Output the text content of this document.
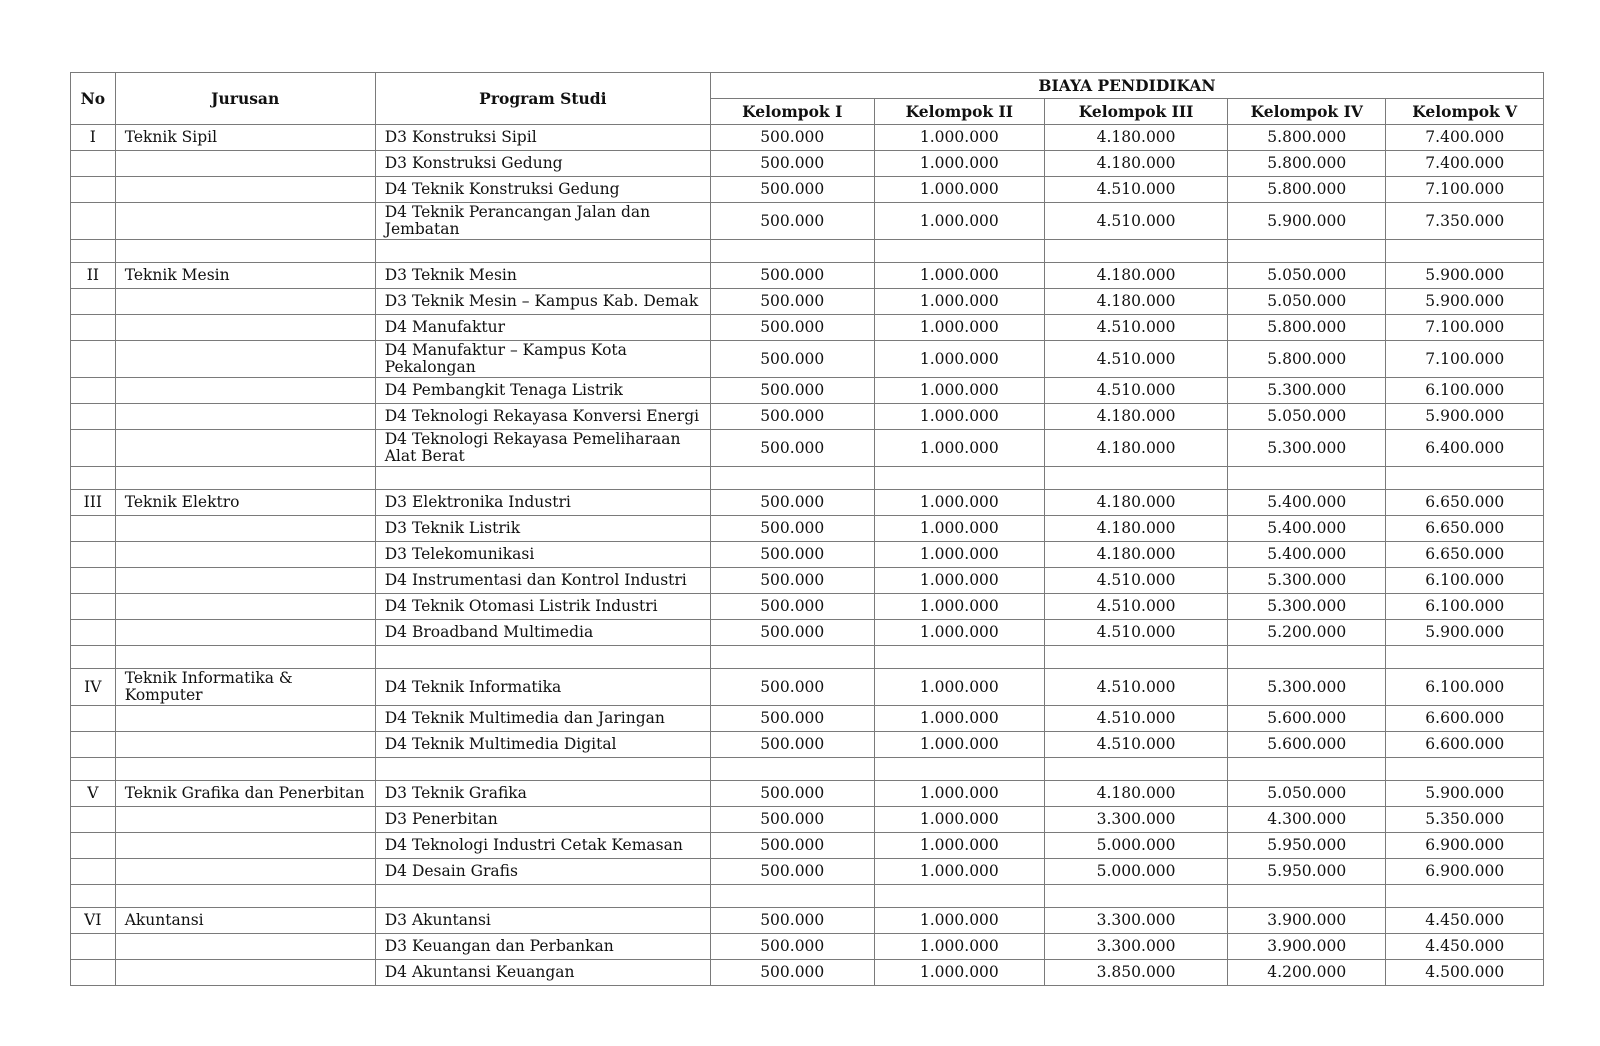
No	Jurusan	Program Studi	BIAYA PENDIDIKAN				
			Kelompok I	Kelompok II	Kelompok III	Kelompok IV	Kelompok V
I	Teknik Sipil	D3 Konstruksi Sipil	500.000	1.000.000	4.180.000	5.800.000	7.400.000
		D3 Konstruksi Gedung	500.000	1.000.000	4.180.000	5.800.000	7.400.000
		D4 Teknik Konstruksi Gedung	500.000	1.000.000	4.510.000	5.800.000	7.100.000
		D4 Teknik Perancangan Jalan dan Jembatan	500.000	1.000.000	4.510.000	5.900.000	7.350.000

II	Teknik Mesin	D3 Teknik Mesin	500.000	1.000.000	4.180.000	5.050.000	5.900.000
		D3 Teknik Mesin – Kampus Kab. Demak	500.000	1.000.000	4.180.000	5.050.000	5.900.000
		D4 Manufaktur	500.000	1.000.000	4.510.000	5.800.000	7.100.000
		D4 Manufaktur – Kampus Kota Pekalongan	500.000	1.000.000	4.510.000	5.800.000	7.100.000
		D4 Pembangkit Tenaga Listrik	500.000	1.000.000	4.510.000	5.300.000	6.100.000
		D4 Teknologi Rekayasa Konversi Energi	500.000	1.000.000	4.180.000	5.050.000	5.900.000
		D4 Teknologi Rekayasa Pemeliharaan Alat Berat	500.000	1.000.000	4.180.000	5.300.000	6.400.000

III	Teknik Elektro	D3 Elektronika Industri	500.000	1.000.000	4.180.000	5.400.000	6.650.000
		D3 Teknik Listrik	500.000	1.000.000	4.180.000	5.400.000	6.650.000
		D3 Telekomunikasi	500.000	1.000.000	4.180.000	5.400.000	6.650.000
		D4 Instrumentasi dan Kontrol Industri	500.000	1.000.000	4.510.000	5.300.000	6.100.000
		D4 Teknik Otomasi Listrik Industri	500.000	1.000.000	4.510.000	5.300.000	6.100.000
		D4 Broadband Multimedia	500.000	1.000.000	4.510.000	5.200.000	5.900.000

IV	Teknik Informatika & Komputer	D4 Teknik Informatika	500.000	1.000.000	4.510.000	5.300.000	6.100.000
		D4 Teknik Multimedia dan Jaringan	500.000	1.000.000	4.510.000	5.600.000	6.600.000
		D4 Teknik Multimedia Digital	500.000	1.000.000	4.510.000	5.600.000	6.600.000

V	Teknik Grafika dan Penerbitan	D3 Teknik Grafika	500.000	1.000.000	4.180.000	5.050.000	5.900.000
		D3 Penerbitan	500.000	1.000.000	3.300.000	4.300.000	5.350.000
		D4 Teknologi Industri Cetak Kemasan	500.000	1.000.000	5.000.000	5.950.000	6.900.000
		D4 Desain Grafis	500.000	1.000.000	5.000.000	5.950.000	6.900.000

VI	Akuntansi	D3 Akuntansi	500.000	1.000.000	3.300.000	3.900.000	4.450.000
		D3 Keuangan dan Perbankan	500.000	1.000.000	3.300.000	3.900.000	4.450.000
		D4 Akuntansi Keuangan	500.000	1.000.000	3.850.000	4.200.000	4.500.000
